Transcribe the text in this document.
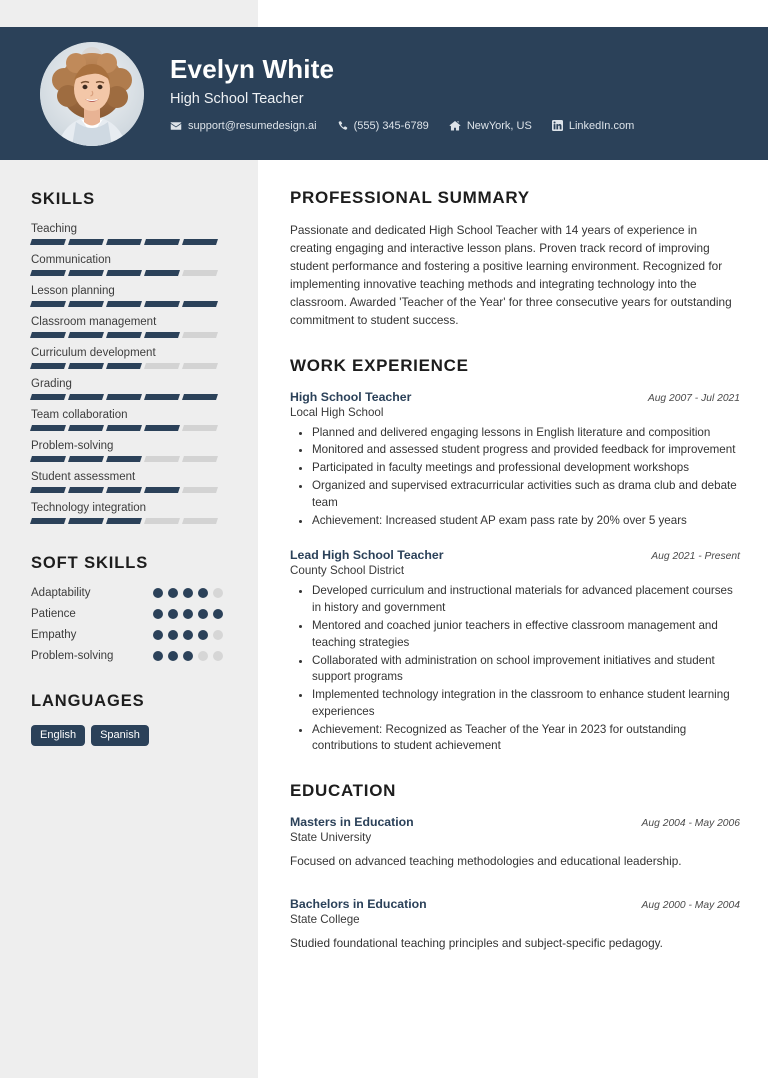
Evelyn White
High School Teacher
support@resumedesign.ai	(555) 345-6789	NewYork, US	LinkedIn.com
SKILLS
Teaching
Communication
Lesson planning
Classroom management
Curriculum development
Grading
Team collaboration
Problem-solving
Student assessment
Technology integration
SOFT SKILLS
Adaptability
Patience
Empathy
Problem-solving
LANGUAGES
English	Spanish
PROFESSIONAL SUMMARY

Passionate and dedicated High School Teacher with 14 years of experience in creating engaging and interactive lesson plans. Proven track record of improving student performance and fostering a positive learning environment. Recognized for implementing innovative teaching methods and integrating technology into the classroom. Awarded 'Teacher of the Year' for three consecutive years for outstanding commitment to student success.

WORK EXPERIENCE
High School Teacher	Aug 2007 - Jul 2021
Local High School
• Planned and delivered engaging lessons in English literature and composition
• Monitored and assessed student progress and provided feedback for improvement
• Participated in faculty meetings and professional development workshops
• Organized and supervised extracurricular activities such as drama club and debate team
• Achievement: Increased student AP exam pass rate by 20% over 5 years
Lead High School Teacher	Aug 2021 - Present
County School District
• Developed curriculum and instructional materials for advanced placement courses in history and government
• Mentored and coached junior teachers in effective classroom management and teaching strategies
• Collaborated with administration on school improvement initiatives and student support programs
• Implemented technology integration in the classroom to enhance student learning experiences
• Achievement: Recognized as Teacher of the Year in 2023 for outstanding contributions to student achievement
EDUCATION
Masters in Education	Aug 2004 - May 2006
State University

Focused on advanced teaching methodologies and educational leadership.

Bachelors in Education	Aug 2000 - May 2004
State College

Studied foundational teaching principles and subject-specific pedagogy.
